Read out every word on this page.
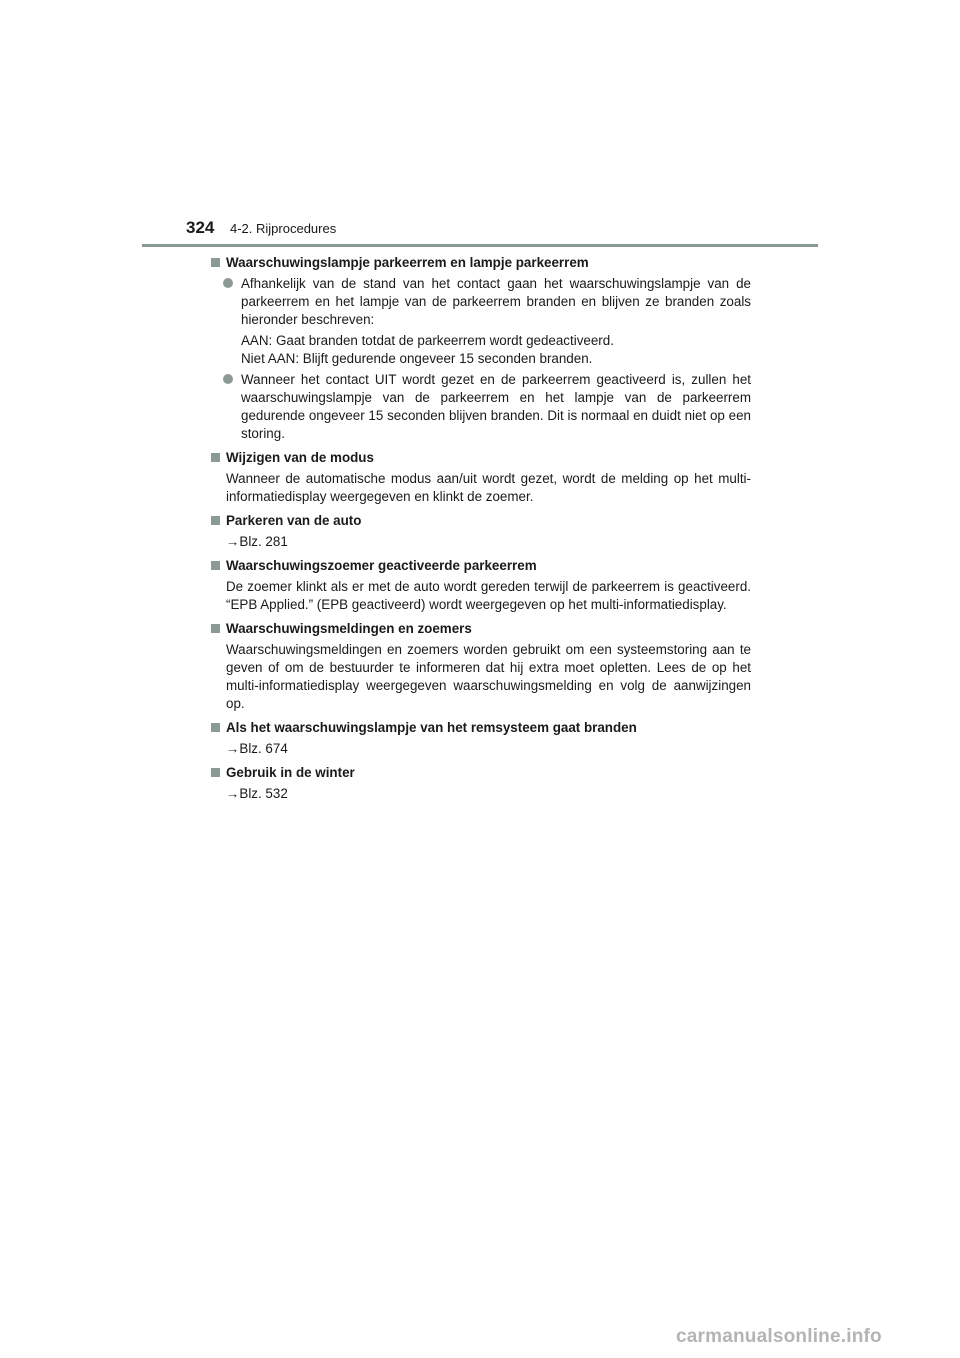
324 4-2. Rijprocedures
Waarschuwingslampje parkeerrem en lampje parkeerrem
Afhankelijk van de stand van het contact gaan het waarschuwingslampje van de parkeerrem en het lampje van de parkeerrem branden en blijven ze branden zoals hieronder beschreven:
AAN: Gaat branden totdat de parkeerrem wordt gedeactiveerd.
Niet AAN: Blijft gedurende ongeveer 15 seconden branden.
Wanneer het contact UIT wordt gezet en de parkeerrem geactiveerd is, zullen het waarschuwingslampje van de parkeerrem en het lampje van de parkeerrem gedurende ongeveer 15 seconden blijven branden. Dit is normaal en duidt niet op een storing.
Wijzigen van de modus
Wanneer de automatische modus aan/uit wordt gezet, wordt de melding op het multi-informatiedisplay weergegeven en klinkt de zoemer.
Parkeren van de auto
→Blz. 281
Waarschuwingszoemer geactiveerde parkeerrem
De zoemer klinkt als er met de auto wordt gereden terwijl de parkeerrem is geactiveerd. “EPB Applied.” (EPB geactiveerd) wordt weergegeven op het multi-informatiedisplay.
Waarschuwingsmeldingen en zoemers
Waarschuwingsmeldingen en zoemers worden gebruikt om een systeemstoring aan te geven of om de bestuurder te informeren dat hij extra moet opletten. Lees de op het multi-informatiedisplay weergegeven waarschuwingsmelding en volg de aanwijzingen op.
Als het waarschuwingslampje van het remsysteem gaat branden
→Blz. 674
Gebruik in de winter
→Blz. 532
carmanualsonline.info
